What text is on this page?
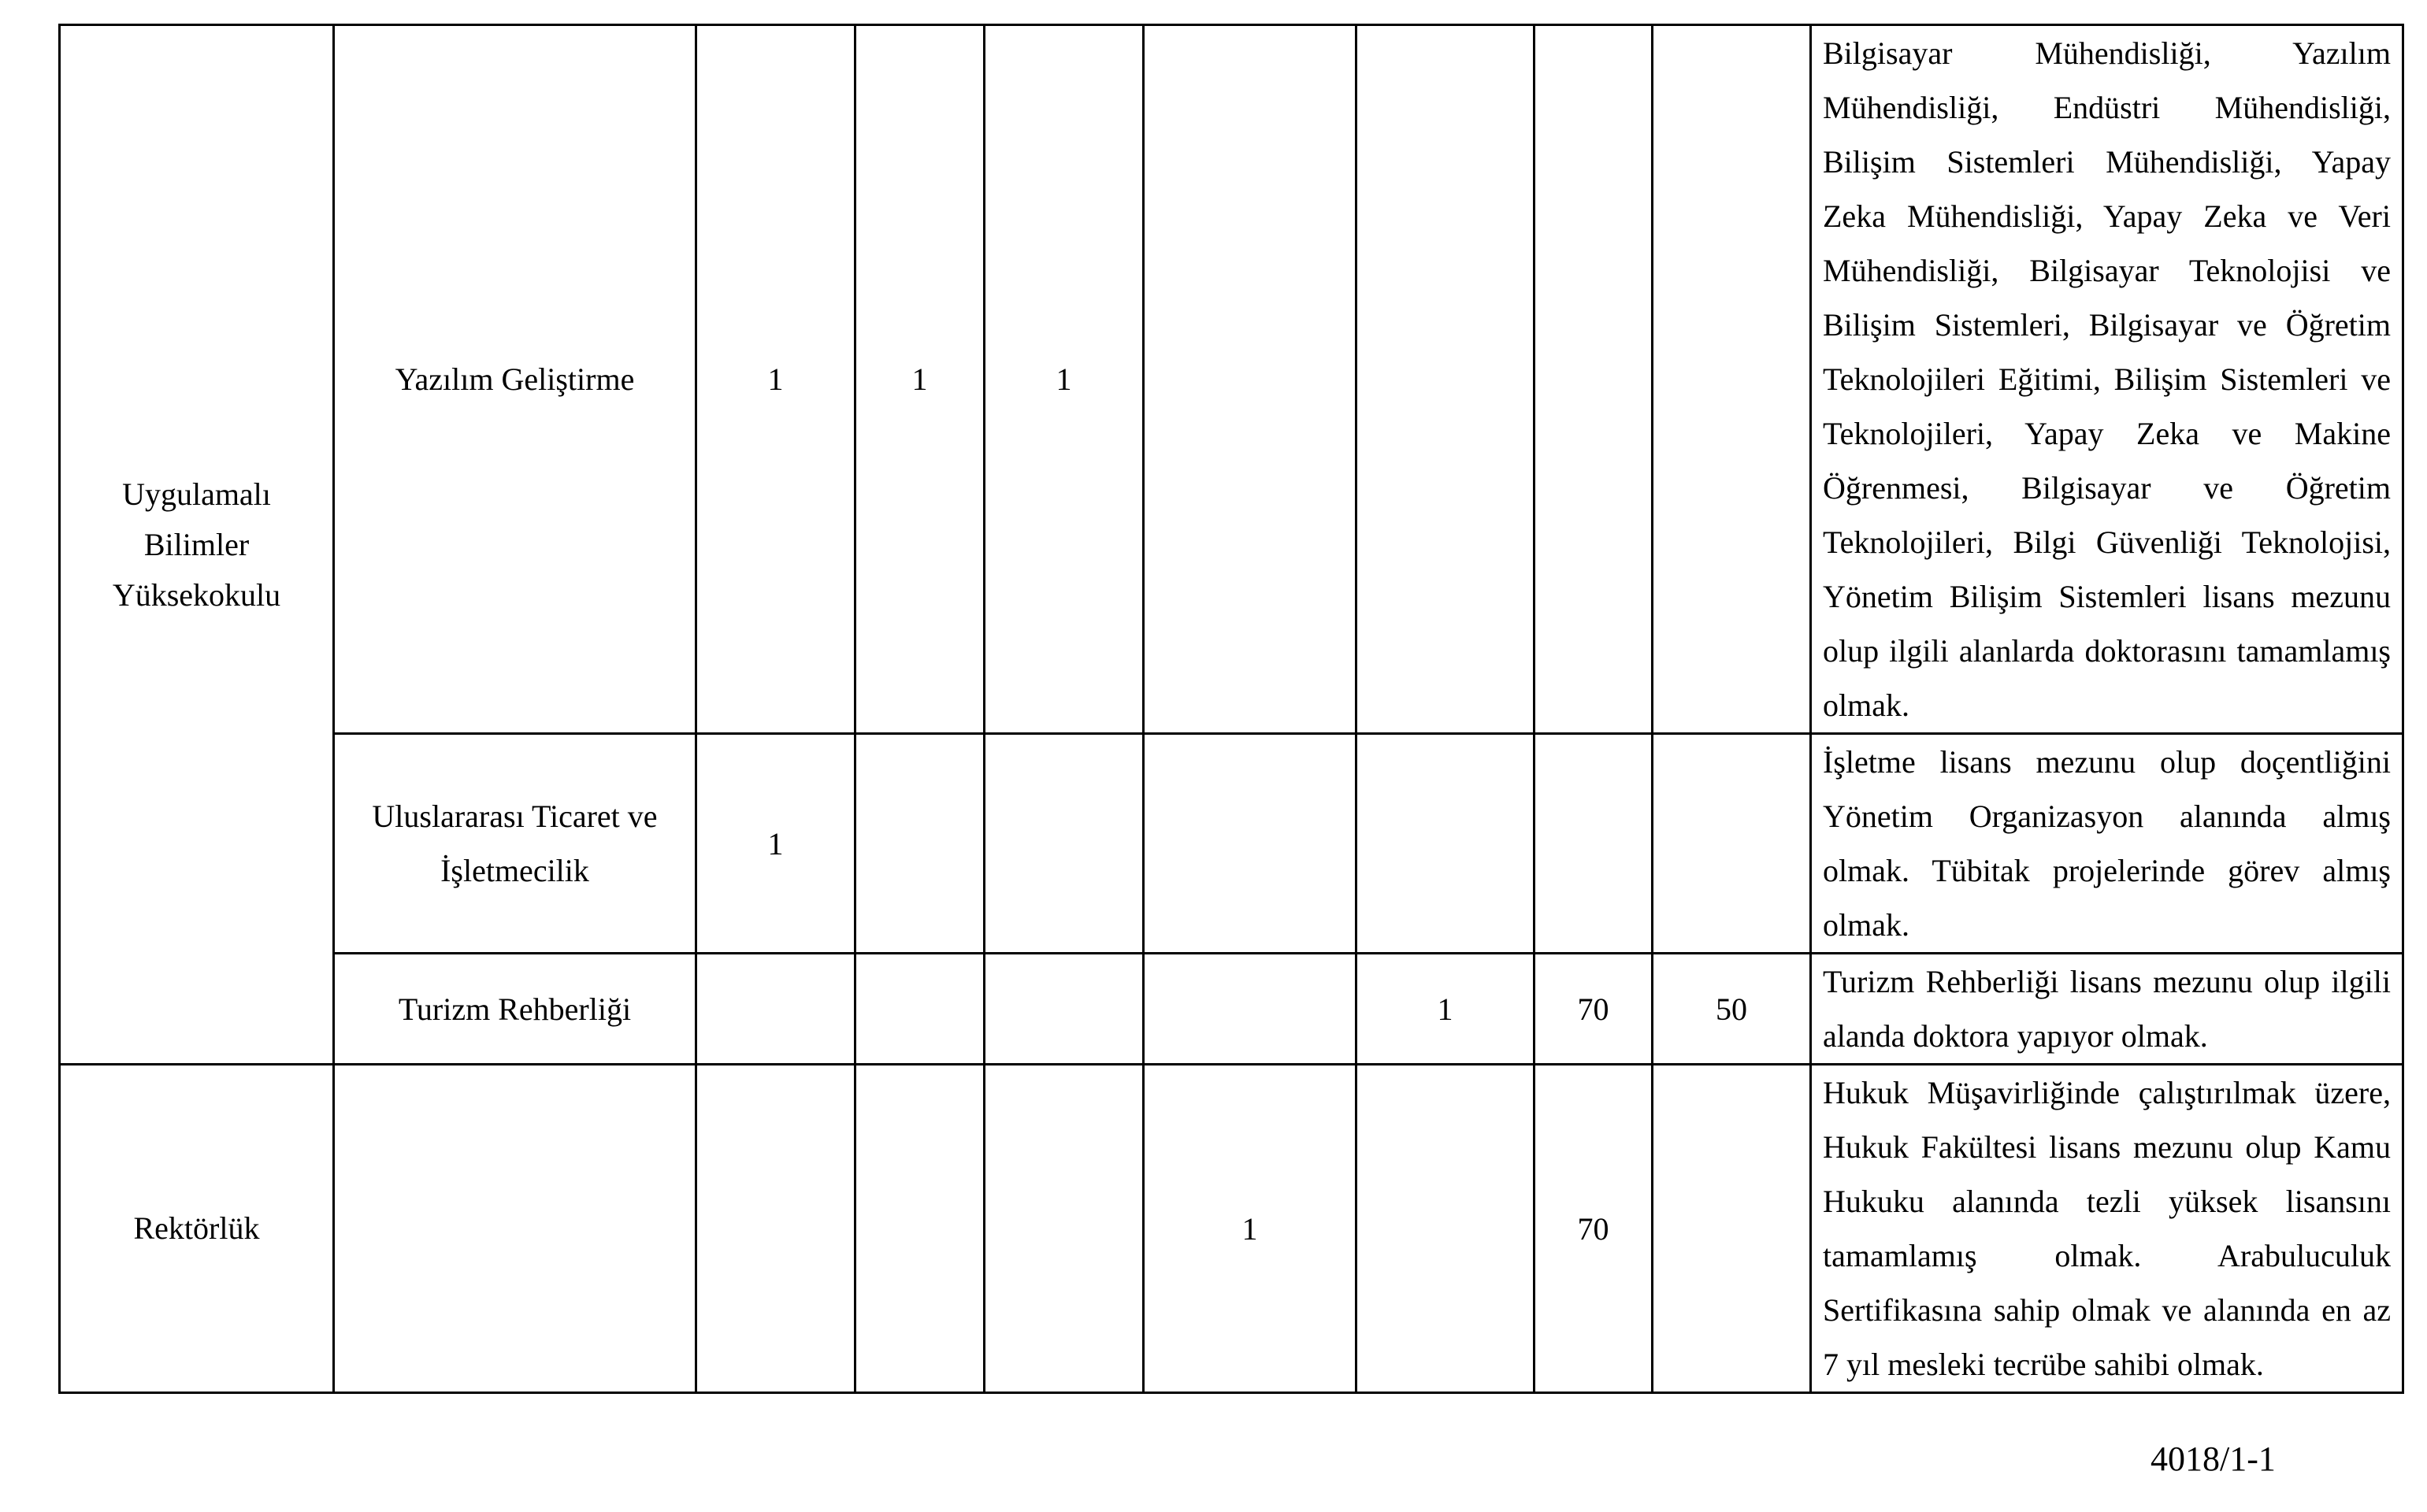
Uygulamalı Bilimler Yüksekokulu	Yazılım Geliştirme	1	1	1					Bilgisayar Mühendisliği, Yazılım Mühendisliği, Endüstri Mühendisliği, Bilişim Sistemleri Mühendisliği, Yapay Zeka Mühendisliği, Yapay Zeka ve Veri Mühendisliği, Bilgisayar Teknolojisi ve Bilişim Sistemleri, Bilgisayar ve Öğretim Teknolojileri Eğitimi, Bilişim Sistemleri ve Teknolojileri, Yapay Zeka ve Makine Öğrenmesi, Bilgisayar ve Öğretim Teknolojileri, Bilgi Güvenliği Teknolojisi, Yönetim Bilişim Sistemleri lisans mezunu olup ilgili alanlarda doktorasını tamamlamış olmak.
	Uluslararası Ticaret ve İşletmecilik	1							İşletme lisans mezunu olup doçentliğini Yönetim Organizasyon alanında almış olmak. Tübitak projelerinde görev almış olmak.
	Turizm Rehberliği					1	70	50	Turizm Rehberliği lisans mezunu olup ilgili alanda doktora yapıyor olmak.
Rektörlük					1		70		Hukuk Müşavirliğinde çalıştırılmak üzere, Hukuk Fakültesi lisans mezunu olup Kamu Hukuku alanında tezli yüksek lisansını tamamlamış olmak. Arabuluculuk Sertifikasına sahip olmak ve alanında en az 7 yıl mesleki tecrübe sahibi olmak.
4018/1-1
